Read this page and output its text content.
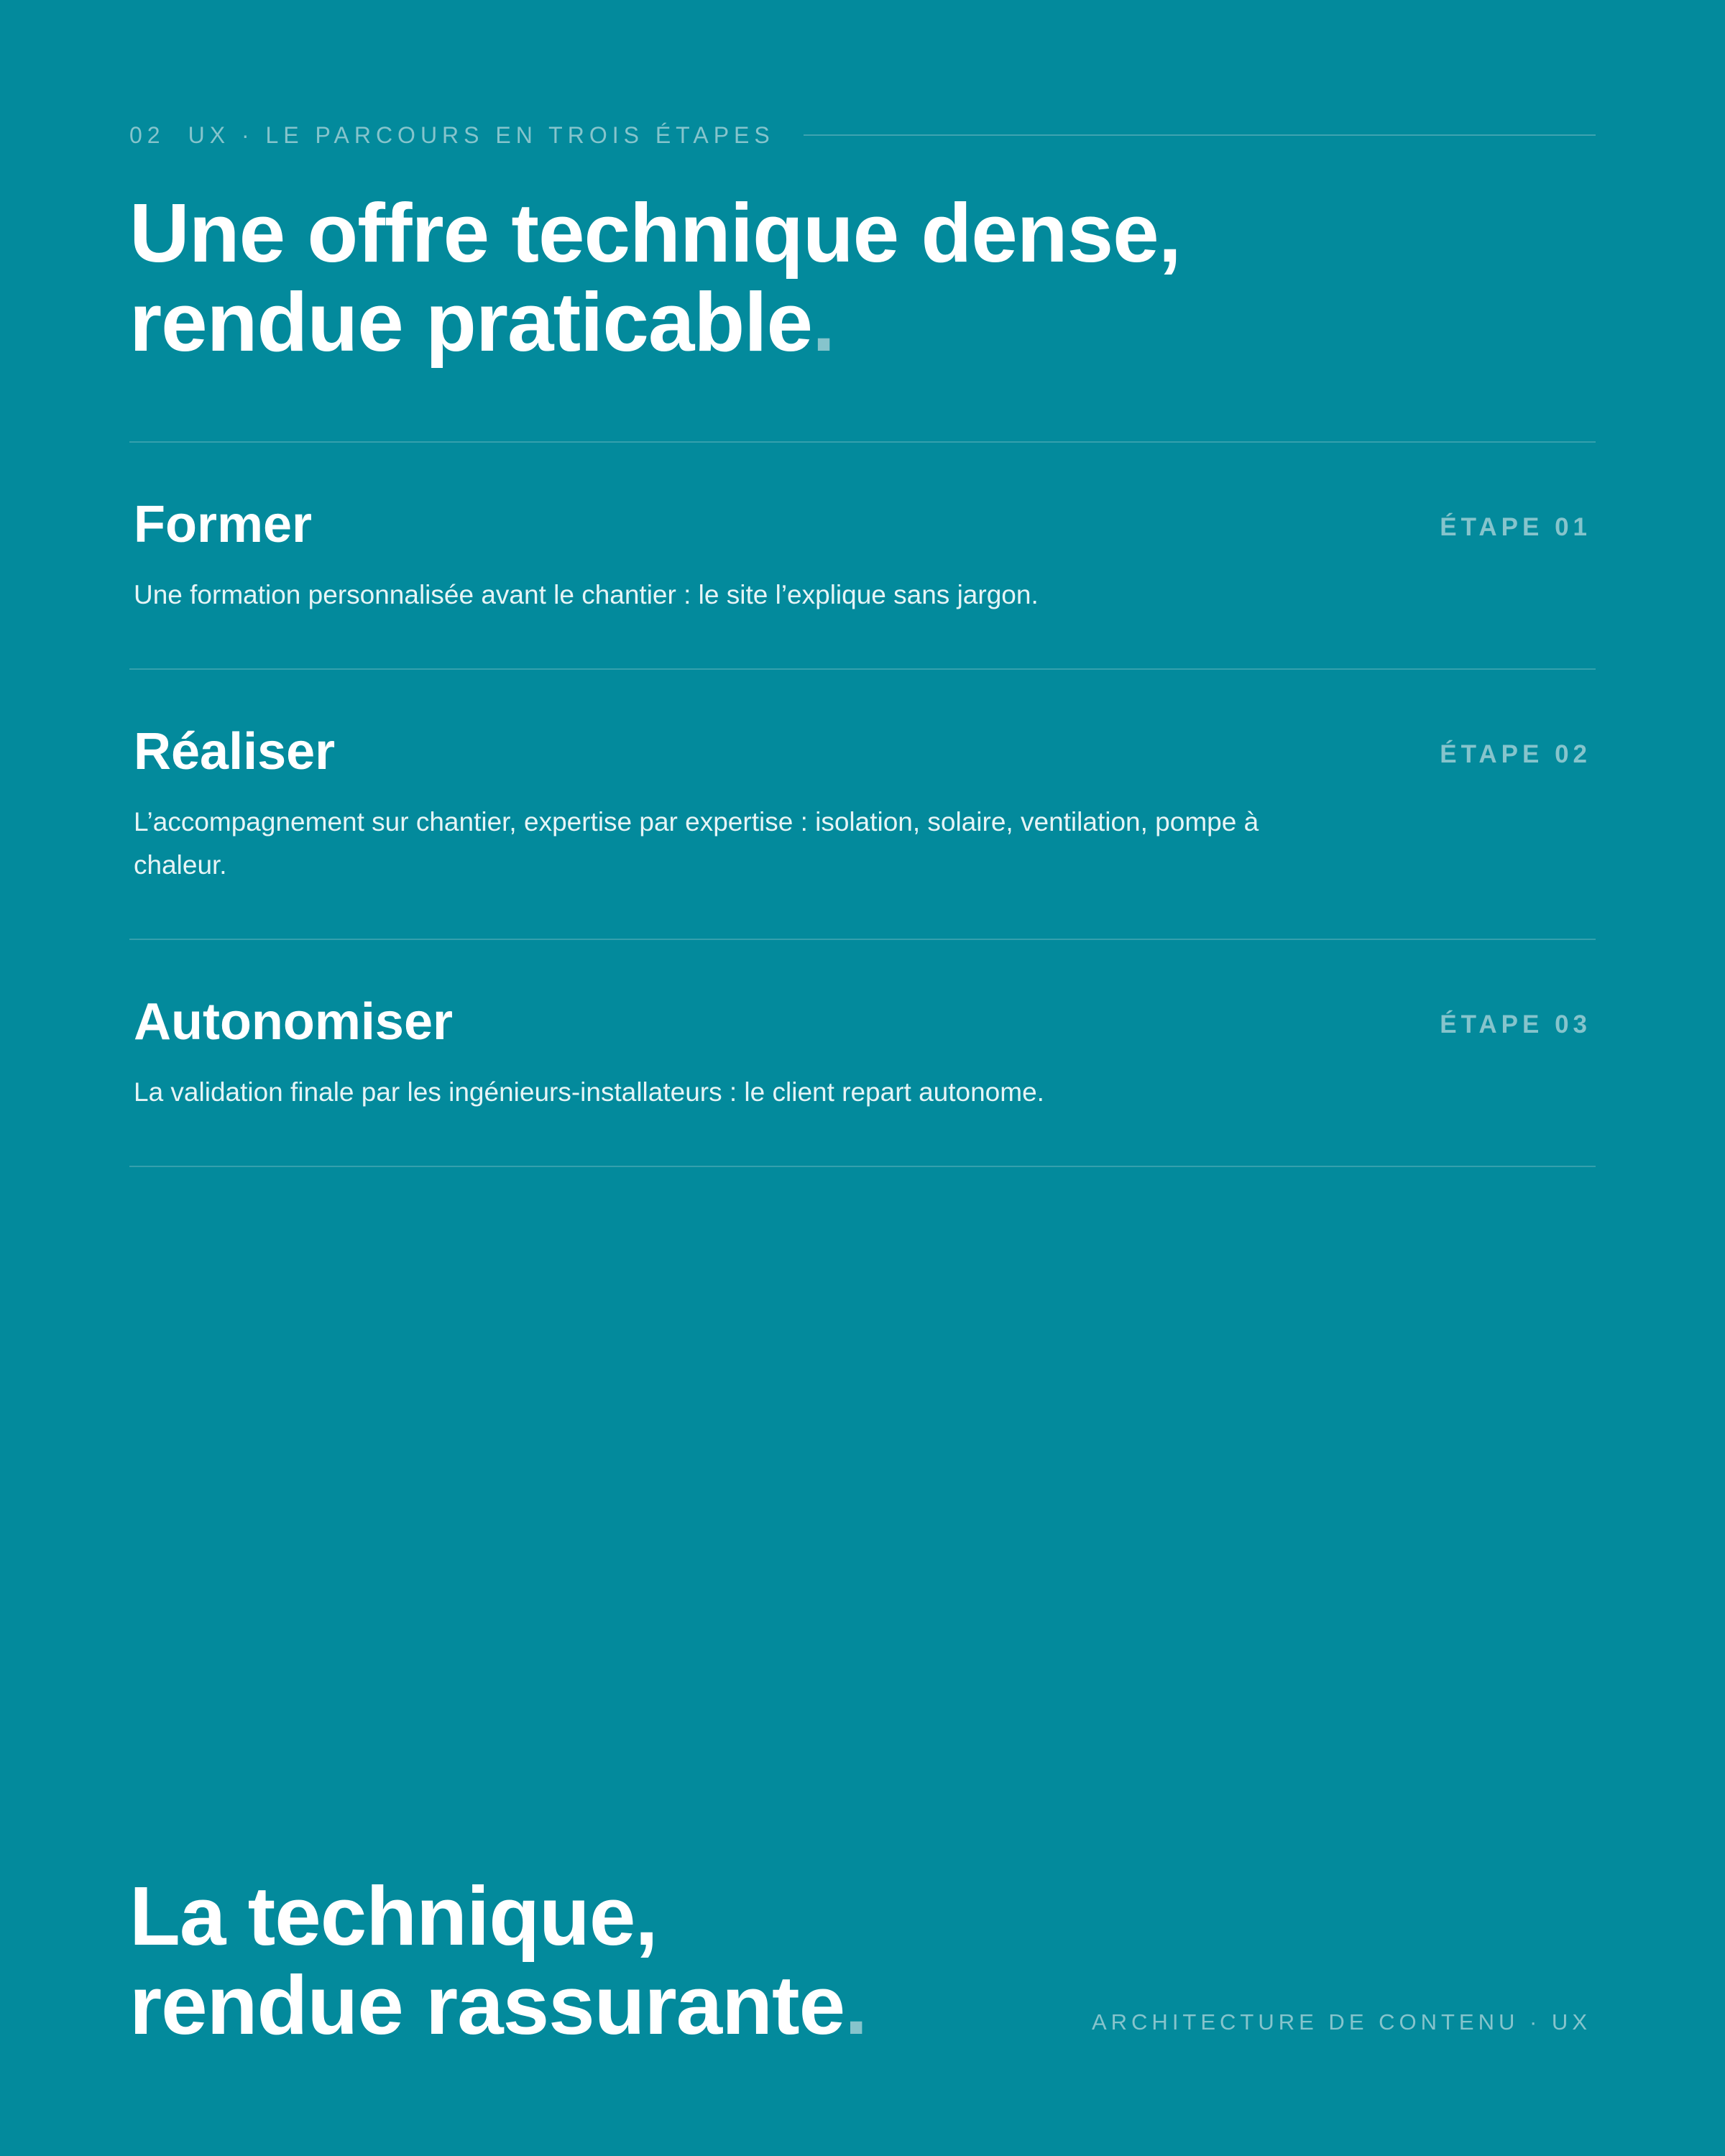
02 UX · LE PARCOURS EN TROIS ÉTAPES
Une offre technique dense,
rendue praticable.
Former
Une formation personnalisée avant le chantier : le site l’explique sans jargon.
ÉTAPE 01
Réaliser
L’accompagnement sur chantier, expertise par expertise : isolation, solaire, ventilation, pompe à chaleur.
ÉTAPE 02
Autonomiser
La validation finale par les ingénieurs-installateurs : le client repart autonome.
ÉTAPE 03
La technique,
rendue rassurante.	ARCHITECTURE DE CONTENU · UX
